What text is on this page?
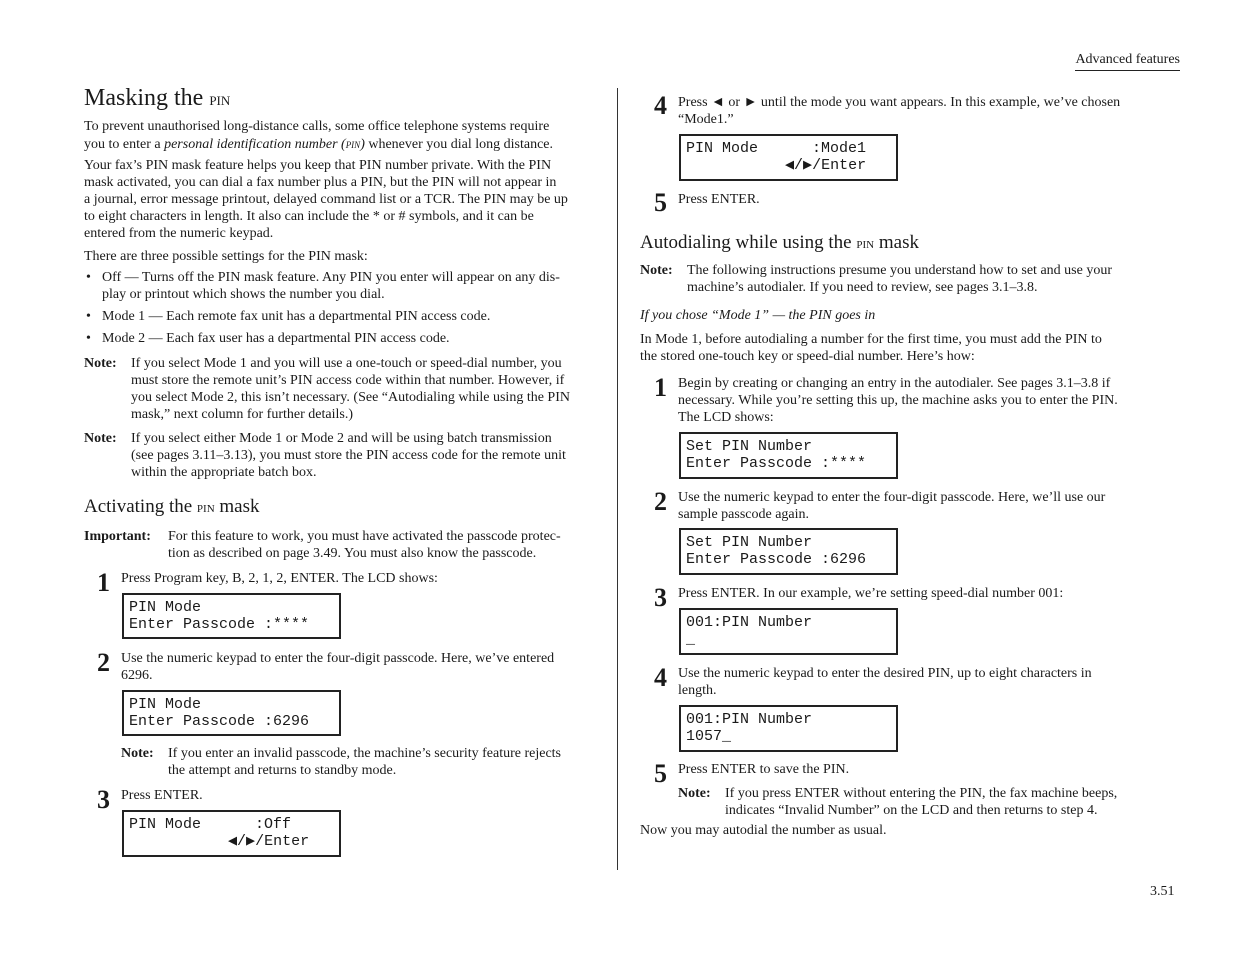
Advanced features
3.51
Masking the pin

To prevent unauthorised long-distance calls, some office telephone systems require

you to enter a personal identification number (pin) whenever you dial long distance.

Your fax’s PIN mask feature helps you keep that PIN number private. With the PIN

mask activated, you can dial a fax number plus a PIN, but the PIN will not appear in

a journal, error message printout, delayed command list or a TCR. The PIN may be up

to eight characters in length. It also can include the * or # symbols, and it can be

entered from the numeric keypad.

There are three possible settings for the PIN mask:
• Off — Turns off the PIN mask feature. Any PIN you enter will appear on any dis-

play or printout which shows the number you dial.

• Mode 1 — Each remote fax unit has a departmental PIN access code.

• Mode 2 — Each fax user has a departmental PIN access code.

Note:	If you select Mode 1 and you will use a one-touch or speed-dial number, you

must store the remote unit’s PIN access code within that number. However, if

you select Mode 2, this isn’t necessary. (See “Autodialing while using the PIN

mask,” next column for further details.)

Note:	If you select either Mode 1 or Mode 2 and will be using batch transmission

(see pages 3.11–3.13), you must store the PIN access code for the remote unit

within the appropriate batch box.

Activating the pin mask
Important:	For this feature to work, you must have activated the passcode protec-

tion as described on page 3.49. You must also know the passcode.

1 Press Program key, B, 2, 1, 2, ENTER. The LCD shows:
PIN Mode
Enter Passcode :****
2 Use the numeric keypad to enter the four-digit passcode. Here, we’ve entered

6296.

PIN Mode
Enter Passcode :6296
Note:	If you enter an invalid passcode, the machine’s security feature rejects

the attempt and returns to standby mode.

3 Press ENTER.
PIN Mode      :Off
◀/▶/Enter
4 Press ◄ or ► until the mode you want appears. In this example, we’ve chosen

“Mode1.”

PIN Mode      :Mode1
◀/▶/Enter
5 Press ENTER.
Autodialing while using the pin mask
Note:	The following instructions presume you understand how to set and use your

machine’s autodialer. If you need to review, see pages 3.1–3.8.

If you chose “Mode 1” — the PIN goes in

In Mode 1, before autodialing a number for the first time, you must add the PIN to

the stored one-touch key or speed-dial number. Here’s how:

1 Begin by creating or changing an entry in the autodialer. See pages 3.1–3.8 if

necessary. While you’re setting this up, the machine asks you to enter the PIN.

The LCD shows:

Set PIN Number
Enter Passcode :****
2 Use the numeric keypad to enter the four-digit passcode. Here, we’ll use our

sample passcode again.

Set PIN Number
Enter Passcode :6296
3 Press ENTER. In our example, we’re setting speed-dial number 001:
001:PIN Number
_
4 Use the numeric keypad to enter the desired PIN, up to eight characters in

length.

001:PIN Number
1057_
5 Press ENTER to save the PIN.
Note:	If you press ENTER without entering the PIN, the fax machine beeps,

indicates “Invalid Number” on the LCD and then returns to step 4.

Now you may autodial the number as usual.
